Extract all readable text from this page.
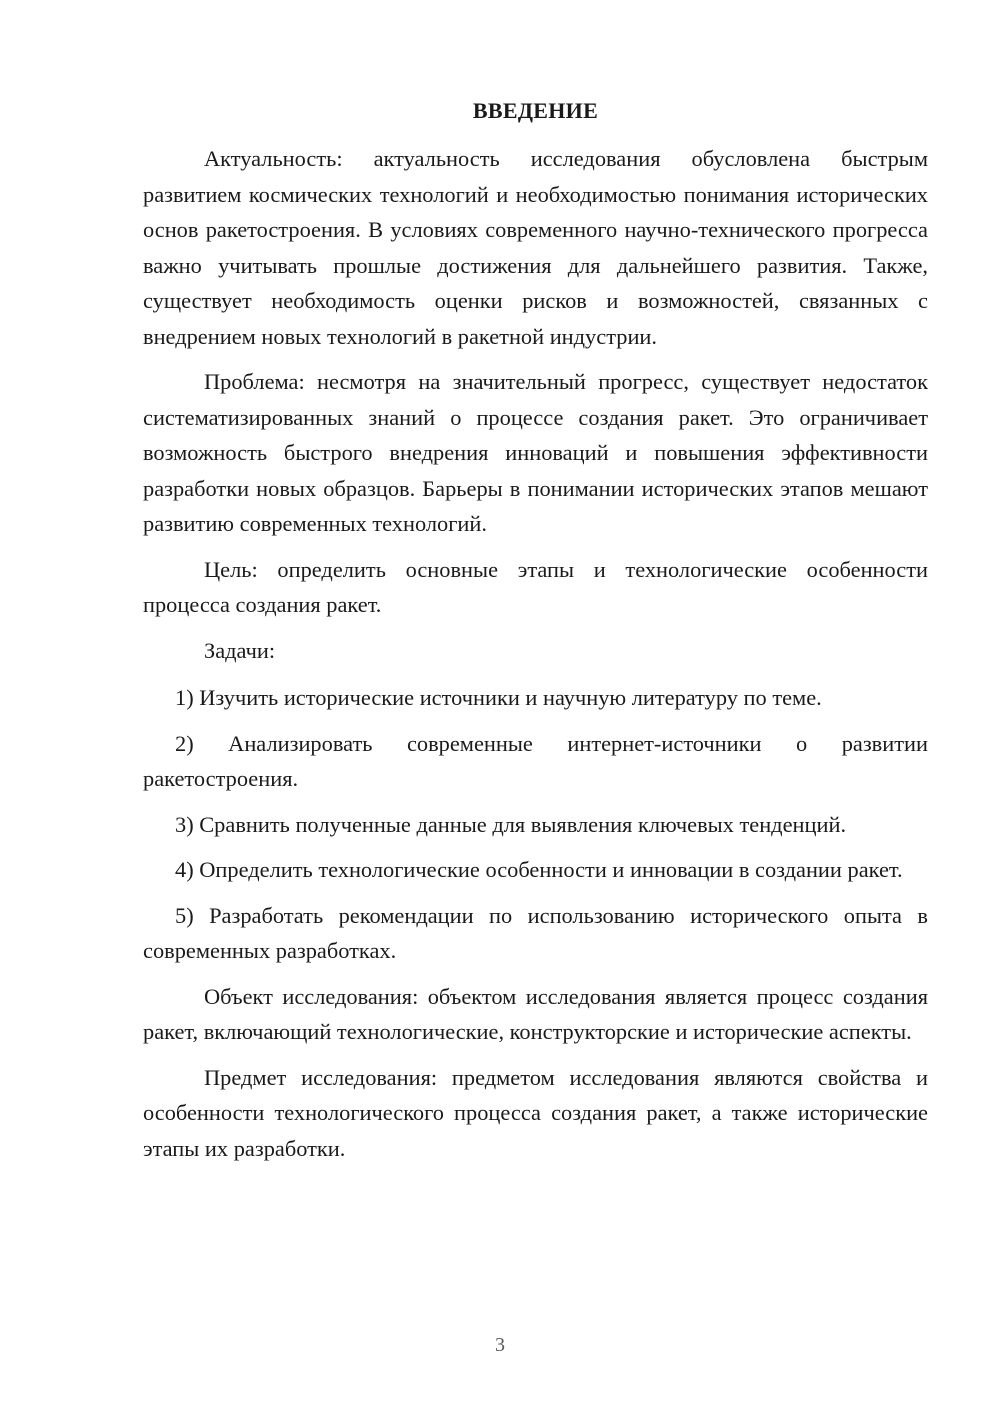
ВВЕДЕНИЕ

Актуальность: актуальность исследования обусловлена быстрым развитием космических технологий и необходимостью понимания исторических основ ракетостроения. В условиях современного научно-технического прогресса важно учитывать прошлые достижения для дальнейшего развития. Также, существует необходимость оценки рисков и возможностей, связанных с внедрением новых технологий в ракетной индустрии.

Проблема: несмотря на значительный прогресс, существует недостаток систематизированных знаний о процессе создания ракет. Это ограничивает возможность быстрого внедрения инноваций и повышения эффективности разработки новых образцов. Барьеры в понимании исторических этапов мешают развитию современных технологий.

Цель: определить основные этапы и технологические особенности процесса создания ракет.

Задачи:

1) Изучить исторические источники и научную литературу по теме.

2) Анализировать современные интернет-источники о развитии ракетостроения.

3) Сравнить полученные данные для выявления ключевых тенденций.

4) Определить технологические особенности и инновации в создании ракет.

5) Разработать рекомендации по использованию исторического опыта в современных разработках.

Объект исследования: объектом исследования является процесс создания ракет, включающий технологические, конструкторские и исторические аспекты.

Предмет исследования: предметом исследования являются свойства и особенности технологического процесса создания ракет, а также исторические этапы их разработки.

3
